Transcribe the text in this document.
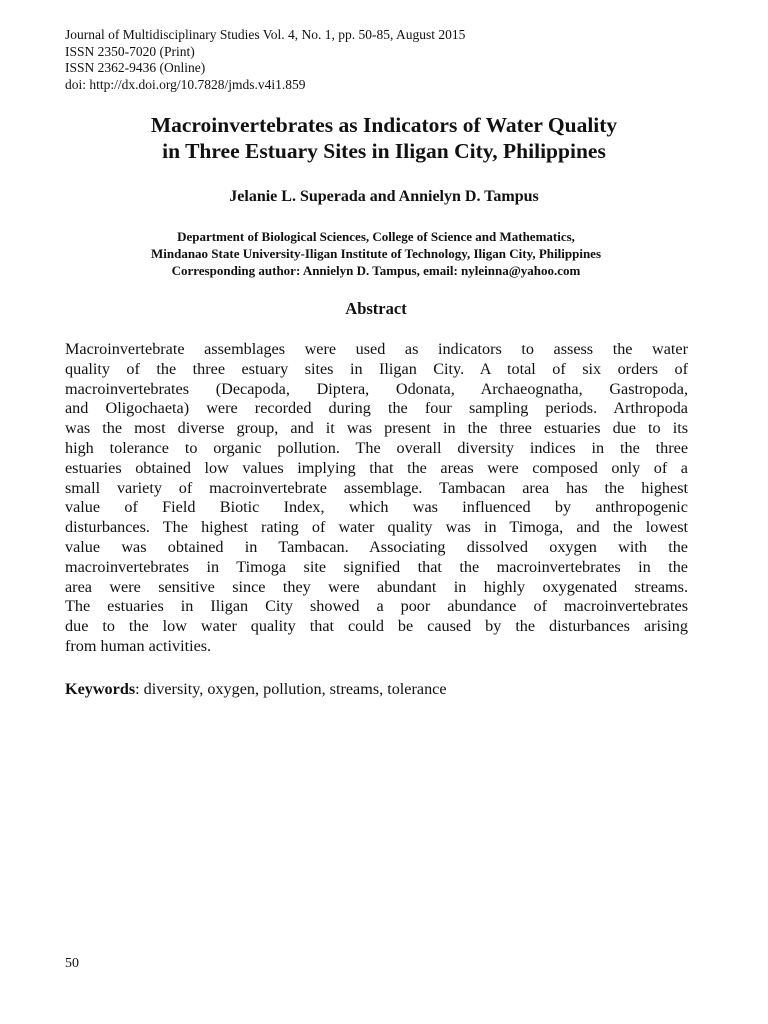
Journal of Multidisciplinary Studies Vol. 4, No. 1, pp. 50-85, August 2015
ISSN 2350-7020 (Print)
ISSN 2362-9436 (Online)
doi: http://dx.doi.org/10.7828/jmds.v4i1.859
Macroinvertebrates as Indicators of Water Quality
in Three Estuary Sites in Iligan City, Philippines
Jelanie L. Superada and Annielyn D. Tampus
Department of Biological Sciences, College of Science and Mathematics,
Mindanao State University-Iligan Institute of Technology, Iligan City, Philippines
Corresponding author: Annielyn D. Tampus, email: nyleinna@yahoo.com
Abstract
Macroinvertebrate assemblages were used as indicators to assess the water
quality of the three estuary sites in Iligan City. A total of six orders of
macroinvertebrates (Decapoda, Diptera, Odonata, Archaeognatha, Gastropoda,
and Oligochaeta) were recorded during the four sampling periods. Arthropoda
was the most diverse group, and it was present in the three estuaries due to its
high tolerance to organic pollution. The overall diversity indices in the three
estuaries obtained low values implying that the areas were composed only of a
small variety of macroinvertebrate assemblage. Tambacan area has the highest
value of Field Biotic Index, which was influenced by anthropogenic
disturbances. The highest rating of water quality was in Timoga, and the lowest
value was obtained in Tambacan. Associating dissolved oxygen with the
macroinvertebrates in Timoga site signified that the macroinvertebrates in the
area were sensitive since they were abundant in highly oxygenated streams.
The estuaries in Iligan City showed a poor abundance of macroinvertebrates
due to the low water quality that could be caused by the disturbances arising
from human activities.
Keywords: diversity, oxygen, pollution, streams, tolerance
50
